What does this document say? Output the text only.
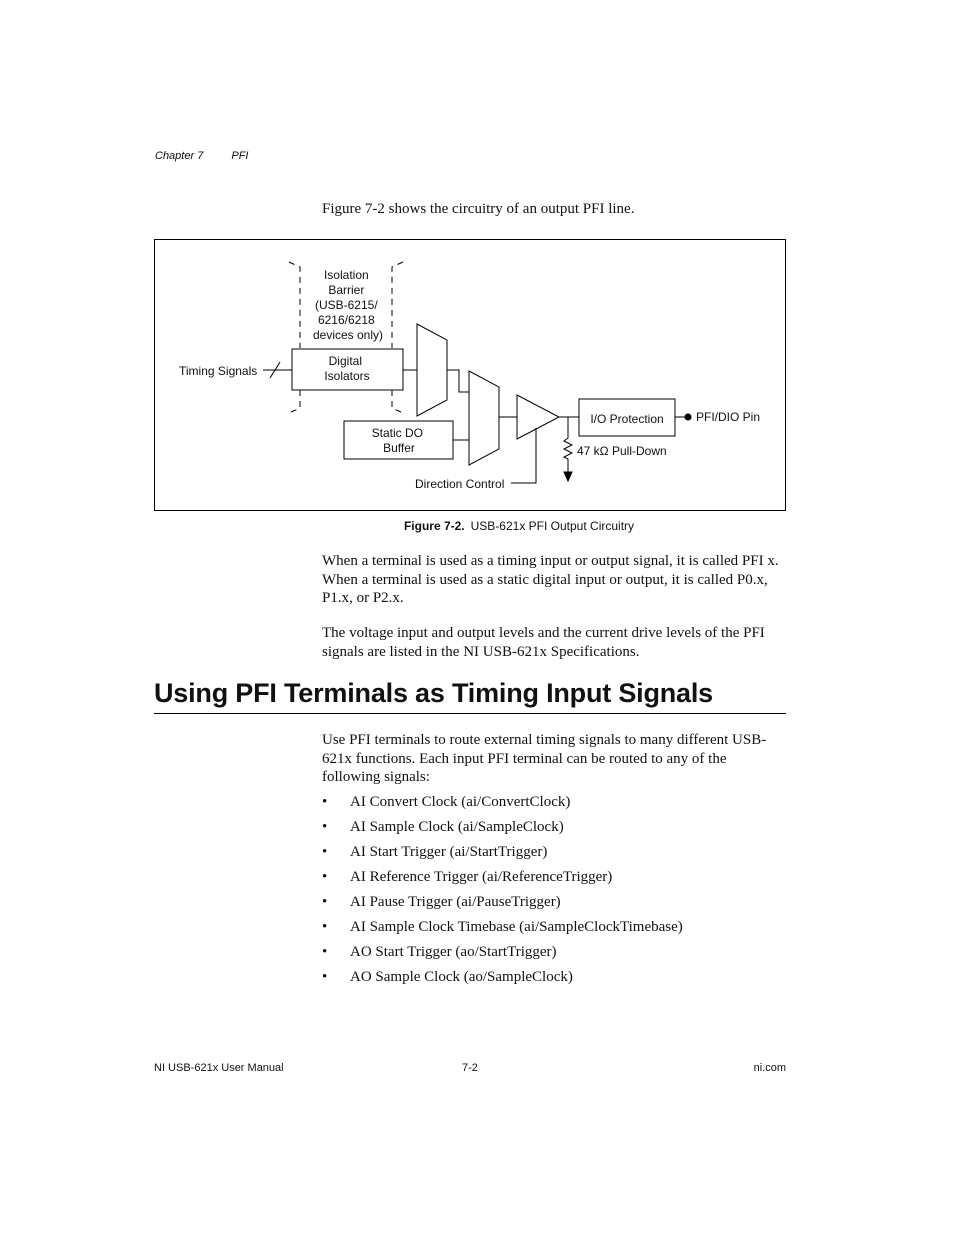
Chapter 7	PFI
Figure 7-2 shows the circuitry of an output PFI line.
Isolation Barrier (USB-6215/ 6216/6218 devices only)
Timing Signals
Digital Isolators
Static DO Buffer
Direction Control
I/O Protection	PFI/DIO Pin
47 kΩ Pull-Down
Figure 7-2. USB-621x PFI Output Circuitry
When a terminal is used as a timing input or output signal, it is called PFI x. When a terminal is used as a static digital input or output, it is called P0.x, P1.x, or P2.x.
The voltage input and output levels and the current drive levels of the PFI signals are listed in the NI USB-621x Specifications.
Using PFI Terminals as Timing Input Signals
Use PFI terminals to route external timing signals to many different USB-621x functions. Each input PFI terminal can be routed to any of the following signals:
• AI Convert Clock (ai/ConvertClock)
• AI Sample Clock (ai/SampleClock)
• AI Start Trigger (ai/StartTrigger)
• AI Reference Trigger (ai/ReferenceTrigger)
• AI Pause Trigger (ai/PauseTrigger)
• AI Sample Clock Timebase (ai/SampleClockTimebase)
• AO Start Trigger (ao/StartTrigger)
• AO Sample Clock (ao/SampleClock)
NI USB-621x User Manual	7-2	ni.com
